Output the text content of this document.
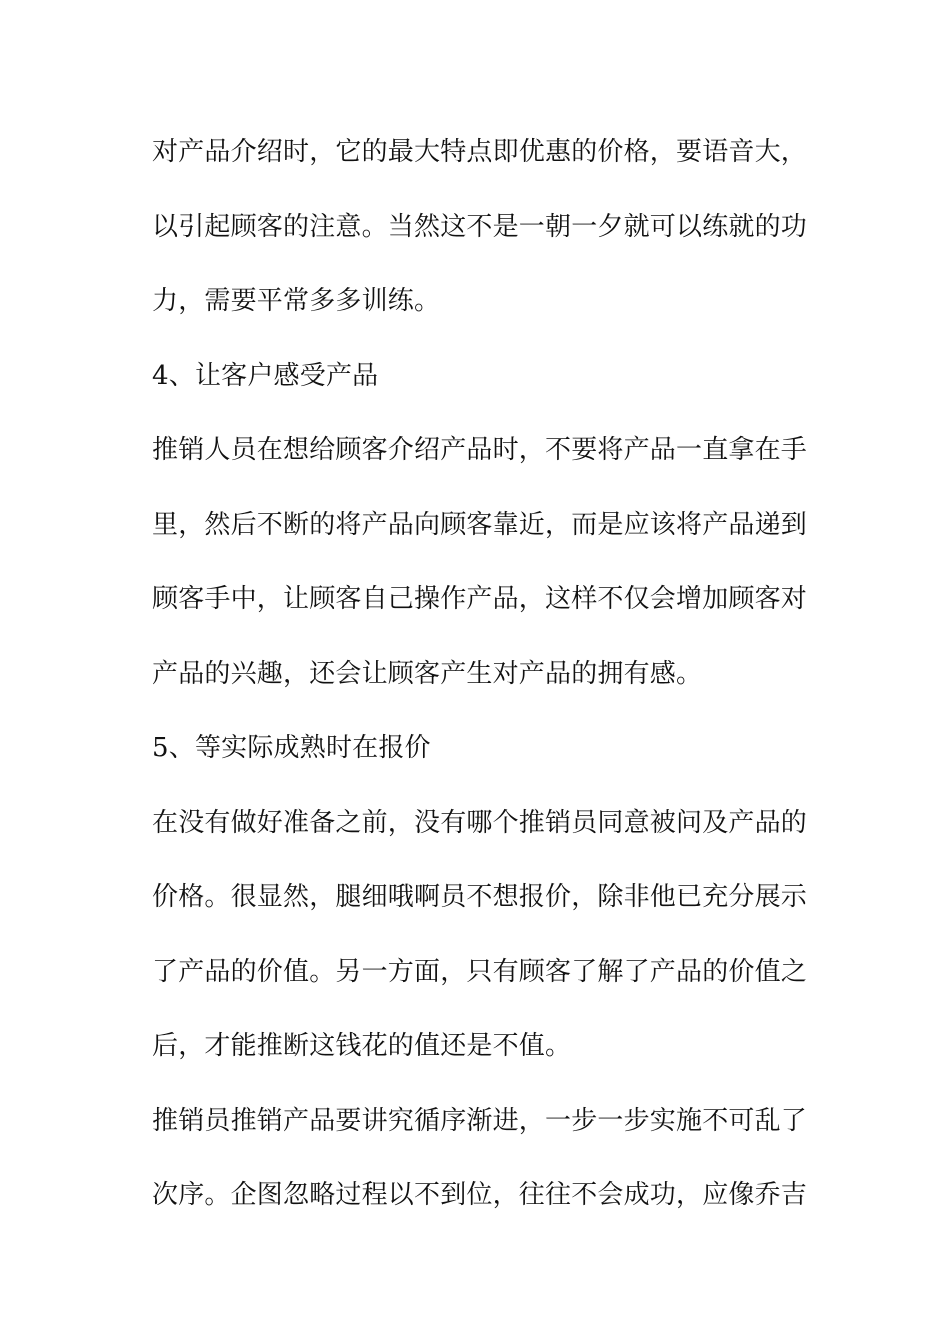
对产品介绍时，它的最大特点即优惠的价格，要语音大，
以引起顾客的注意。当然这不是一朝一夕就可以练就的功
力，需要平常多多训练。
4、让客户感受产品
推销人员在想给顾客介绍产品时，不要将产品一直拿在手
里，然后不断的将产品向顾客靠近，而是应该将产品递到
顾客手中，让顾客自己操作产品，这样不仅会增加顾客对
产品的兴趣，还会让顾客产生对产品的拥有感。
5、等实际成熟时在报价
在没有做好准备之前，没有哪个推销员同意被问及产品的
价格。很显然，腿细哦啊员不想报价，除非他已充分展示
了产品的价值。另一方面，只有顾客了解了产品的价值之
后，才能推断这钱花的值还是不值。
推销员推销产品要讲究循序渐进，一步一步实施不可乱了
次序。企图忽略过程以不到位，往往不会成功，应像乔吉
